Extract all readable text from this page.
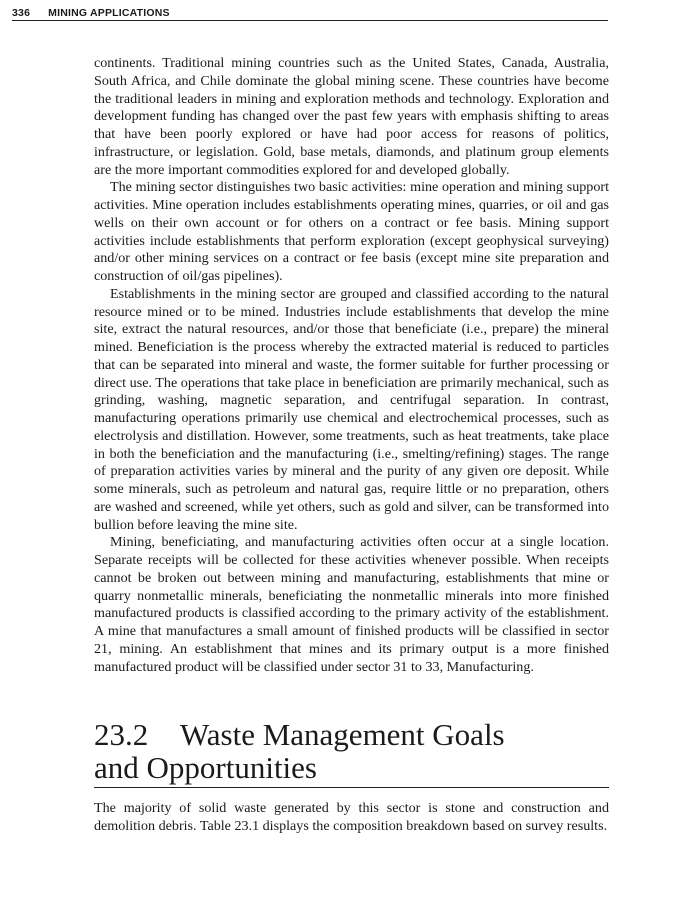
336 MINING APPLICATIONS

continents. Traditional mining countries such as the United States, Canada, Australia, South Africa, and Chile dominate the global mining scene. These countries have become the traditional leaders in mining and exploration methods and technology. Exploration and development funding has changed over the past few years with emphasis shifting to areas that have been poorly explored or have had poor access for reasons of politics, infrastructure, or legislation. Gold, base metals, diamonds, and platinum group elements are the more important commodities explored for and developed globally.

The mining sector distinguishes two basic activities: mine operation and mining support activities. Mine operation includes establishments operating mines, quarries, or oil and gas wells on their own account or for others on a contract or fee basis. Mining support activities include establishments that perform exploration (except geophysical surveying) and/or other mining services on a contract or fee basis (except mine site preparation and construction of oil/gas pipelines).

Establishments in the mining sector are grouped and classified according to the natural resource mined or to be mined. Industries include establishments that develop the mine site, extract the natural resources, and/or those that beneficiate (i.e., prepare) the mineral mined. Beneficiation is the process whereby the extracted material is reduced to particles that can be separated into mineral and waste, the former suitable for further processing or direct use. The operations that take place in beneficiation are primarily mechanical, such as grinding, washing, magnetic separation, and centrifugal separation. In contrast, manufacturing operations primarily use chemical and electrochemical processes, such as electrolysis and distillation. However, some treatments, such as heat treatments, take place in both the beneficiation and the manufacturing (i.e., smelting/refining) stages. The range of preparation activities varies by mineral and the purity of any given ore deposit. While some minerals, such as petroleum and natural gas, require little or no preparation, others are washed and screened, while yet others, such as gold and silver, can be transformed into bullion before leaving the mine site.

Mining, beneficiating, and manufacturing activities often occur at a single location. Separate receipts will be collected for these activities whenever possible. When receipts cannot be broken out between mining and manufacturing, establishments that mine or quarry nonmetallic minerals, beneficiating the nonmetallic minerals into more finished manufactured products is classified according to the primary activity of the establishment. A mine that manufactures a small amount of finished products will be classified in sector 21, mining. An establishment that mines and its primary output is a more finished manufactured product will be classified under sector 31 to 33, Manufacturing.

23.2 Waste Management Goals
and Opportunities

The majority of solid waste generated by this sector is stone and construction and demolition debris. Table 23.1 displays the composition breakdown based on survey results.
